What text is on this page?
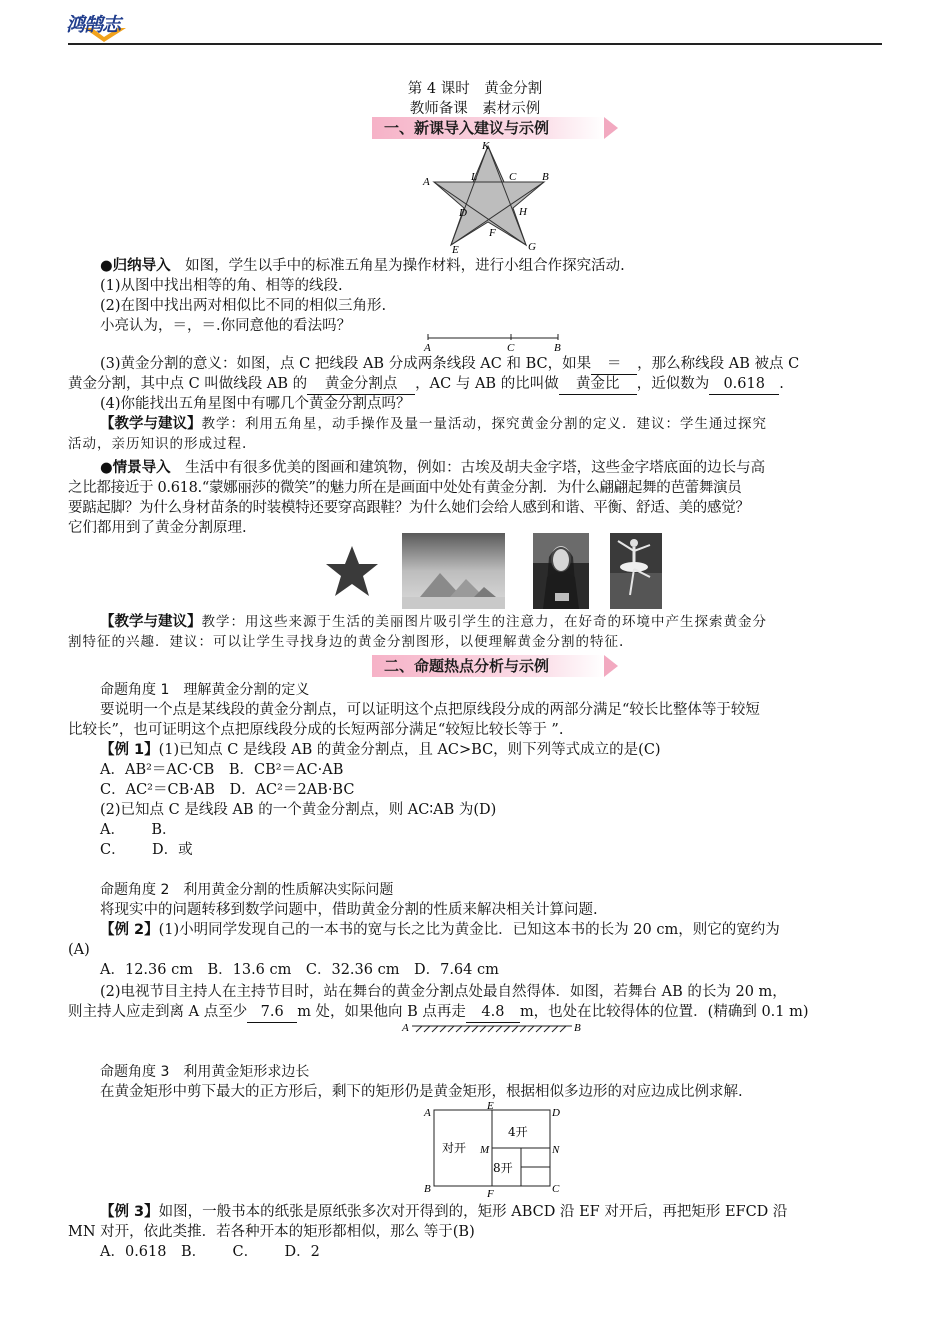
鸿鹄志
第 4 课时　黄金分割
教师备课　素材示例
一、新课导入建议与示例
K
A	L	C B
D	H
F
E	G
●归纳导入　如图，学生以手中的标准五角星为操作材料，进行小组合作探究活动.
(1)从图中找出相等的角、相等的线段.
(2)在图中找出两对相似比不同的相似三角形.
小亮认为，＝，＝.你同意他的看法吗？
A	C	B
(3)黄金分割的意义：如图，点 C 把线段 AB 分成两条线段 AC 和 BC，如果 ＝ ，那么称线段 AB 被点 C
黄金分割，其中点 C 叫做线段 AB 的 黄金分割点 ，AC 与 AB 的比叫做 黄金比 ，近似数为 0.618 .
(4)你能找出五角星图中有哪几个黄金分割点吗？
【教学与建议】教学：利用五角星，动手操作及量一量活动，探究黄金分割的定义．建议：学生通过探究
活动，亲历知识的形成过程.
●情景导入　生活中有很多优美的图画和建筑物，例如：古埃及胡夫金字塔，这些金字塔底面的边长与高
之比都接近于 0.618.“蒙娜丽莎的微笑”的魅力所在是画面中处处有黄金分割．为什么翩翩起舞的芭蕾舞演员
要踮起脚？为什么身材苗条的时装模特还要穿高跟鞋？为什么她们会给人感到和谐、平衡、舒适、美的感觉？
它们都用到了黄金分割原理.
【教学与建议】教学：用这些来源于生活的美丽图片吸引学生的注意力，在好奇的环境中产生探索黄金分
割特征的兴趣．建议：可以让学生寻找身边的黄金分割图形，以便理解黄金分割的特征.
二、命题热点分析与示例
命题角度 1　理解黄金分割的定义
要说明一个点是某线段的黄金分割点，可以证明这个点把原线段分成的两部分满足“较长比整体等于较短
比较长”，也可证明这个点把原线段分成的长短两部分满足“较短比较长等于 ”.
【例 1】(1)已知点 C 是线段 AB 的黄金分割点，且 AC>BC，则下列等式成立的是(C)
A．AB²＝AC·CB　B．CB²＝AC·AB
C．AC²＝CB·AB　D．AC²＝2AB·BC
(2)已知点 C 是线段 AB 的一个黄金分割点，则 AC∶AB 为(D)
A．　　 B．
C．　　 D．或
命题角度 2　利用黄金分割的性质解决实际问题
将现实中的问题转移到数学问题中，借助黄金分割的性质来解决相关计算问题.
【例 2】(1)小明同学发现自己的一本书的宽与长之比为黄金比．已知这本书的长为 20 cm，则它的宽约为
(A)
A．12.36 cm　B．13.6 cm　C．32.36 cm　D．7.64 cm
(2)电视节目主持人在主持节目时，站在舞台的黄金分割点处最自然得体．如图，若舞台 AB 的长为 20 m，
则主持人应走到离 A 点至少 7.6 m 处，如果他向 B 点再走 4.8 m，也处在比较得体的位置．(精确到 0.1 m)
A	B
命题角度 3　利用黄金矩形求边长
在黄金矩形中剪下最大的正方形后，剩下的矩形仍是黄金矩形，根据相似多边形的对应边成比例求解.
A
E
D
B	F	C
M	N
对开
4开
8开
【例 3】如图，一般书本的纸张是原纸张多次对开得到的，矩形 ABCD 沿 EF 对开后，再把矩形 EFCD 沿
MN 对开，依此类推．若各种开本的矩形都相似，那么 等于(B)
A．0.618　B．　　 C．　　 D．2
